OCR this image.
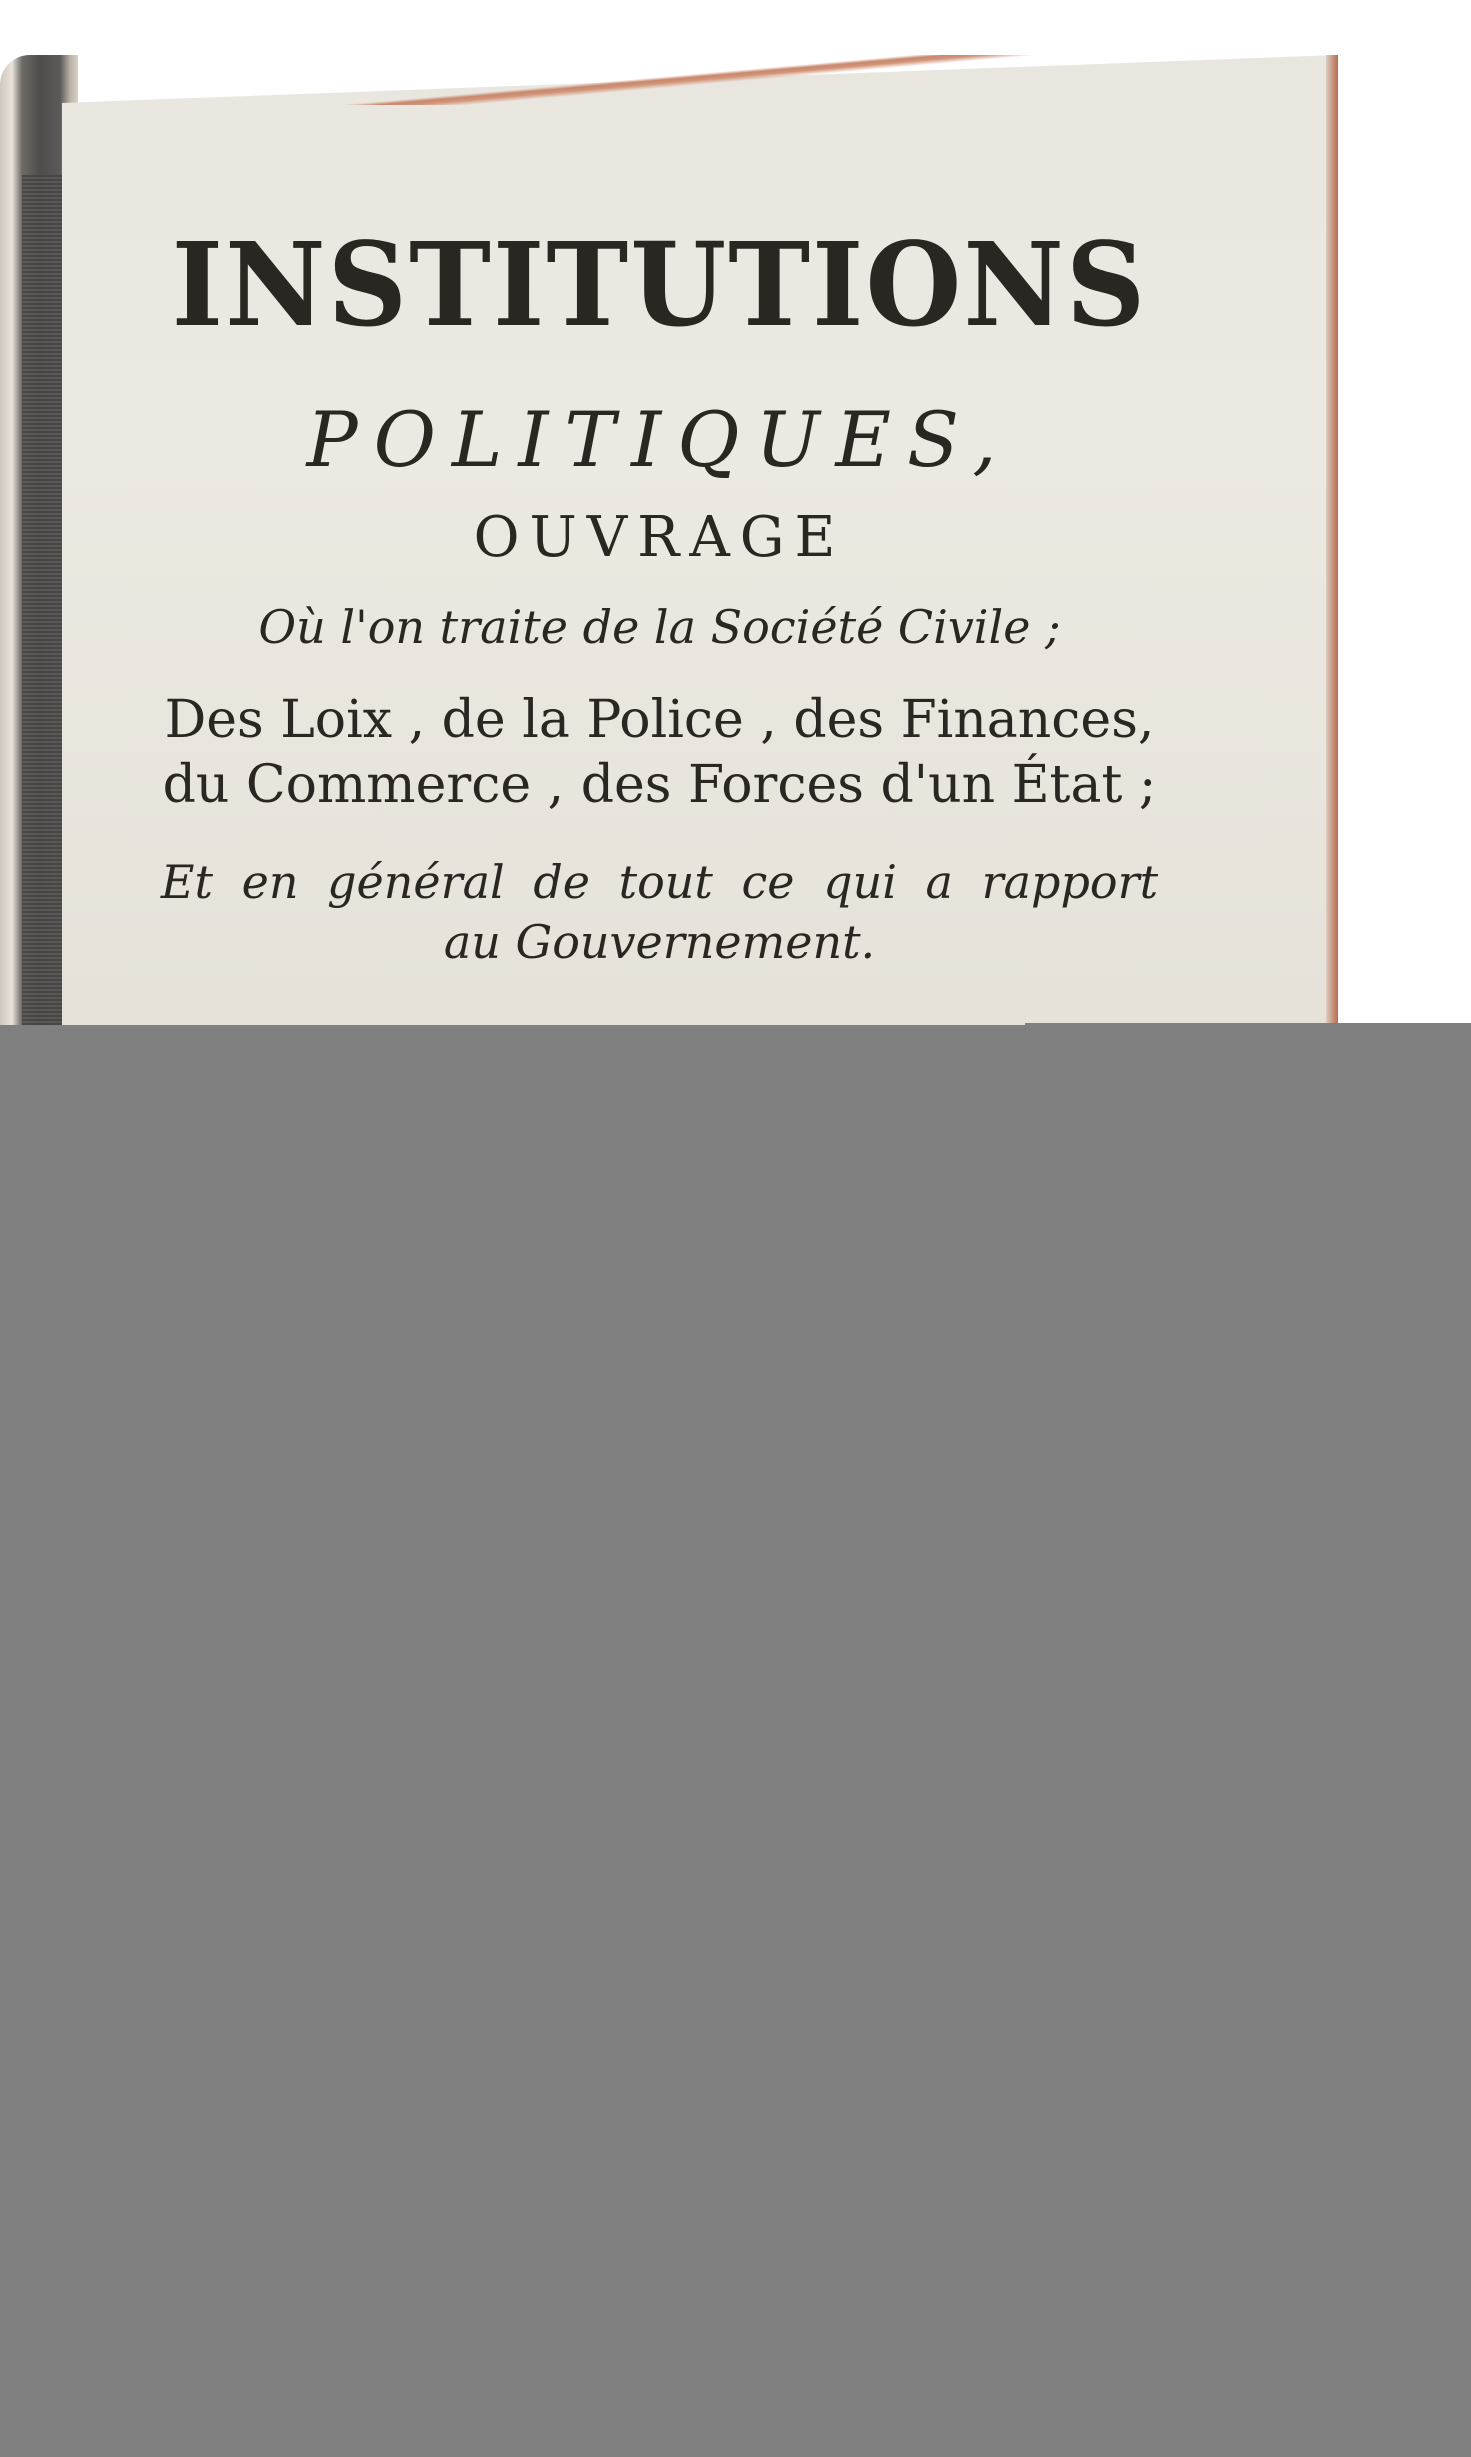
INSTITUTIONS
POLITIQUES,
OUVRAGE
Où l'on traite de la Société Civile ;
Des Loix , de la Police , des Finances,
du Commerce , des Forces d'un État ;
Et en général de tout ce qui a rapport
au Gouvernement.
